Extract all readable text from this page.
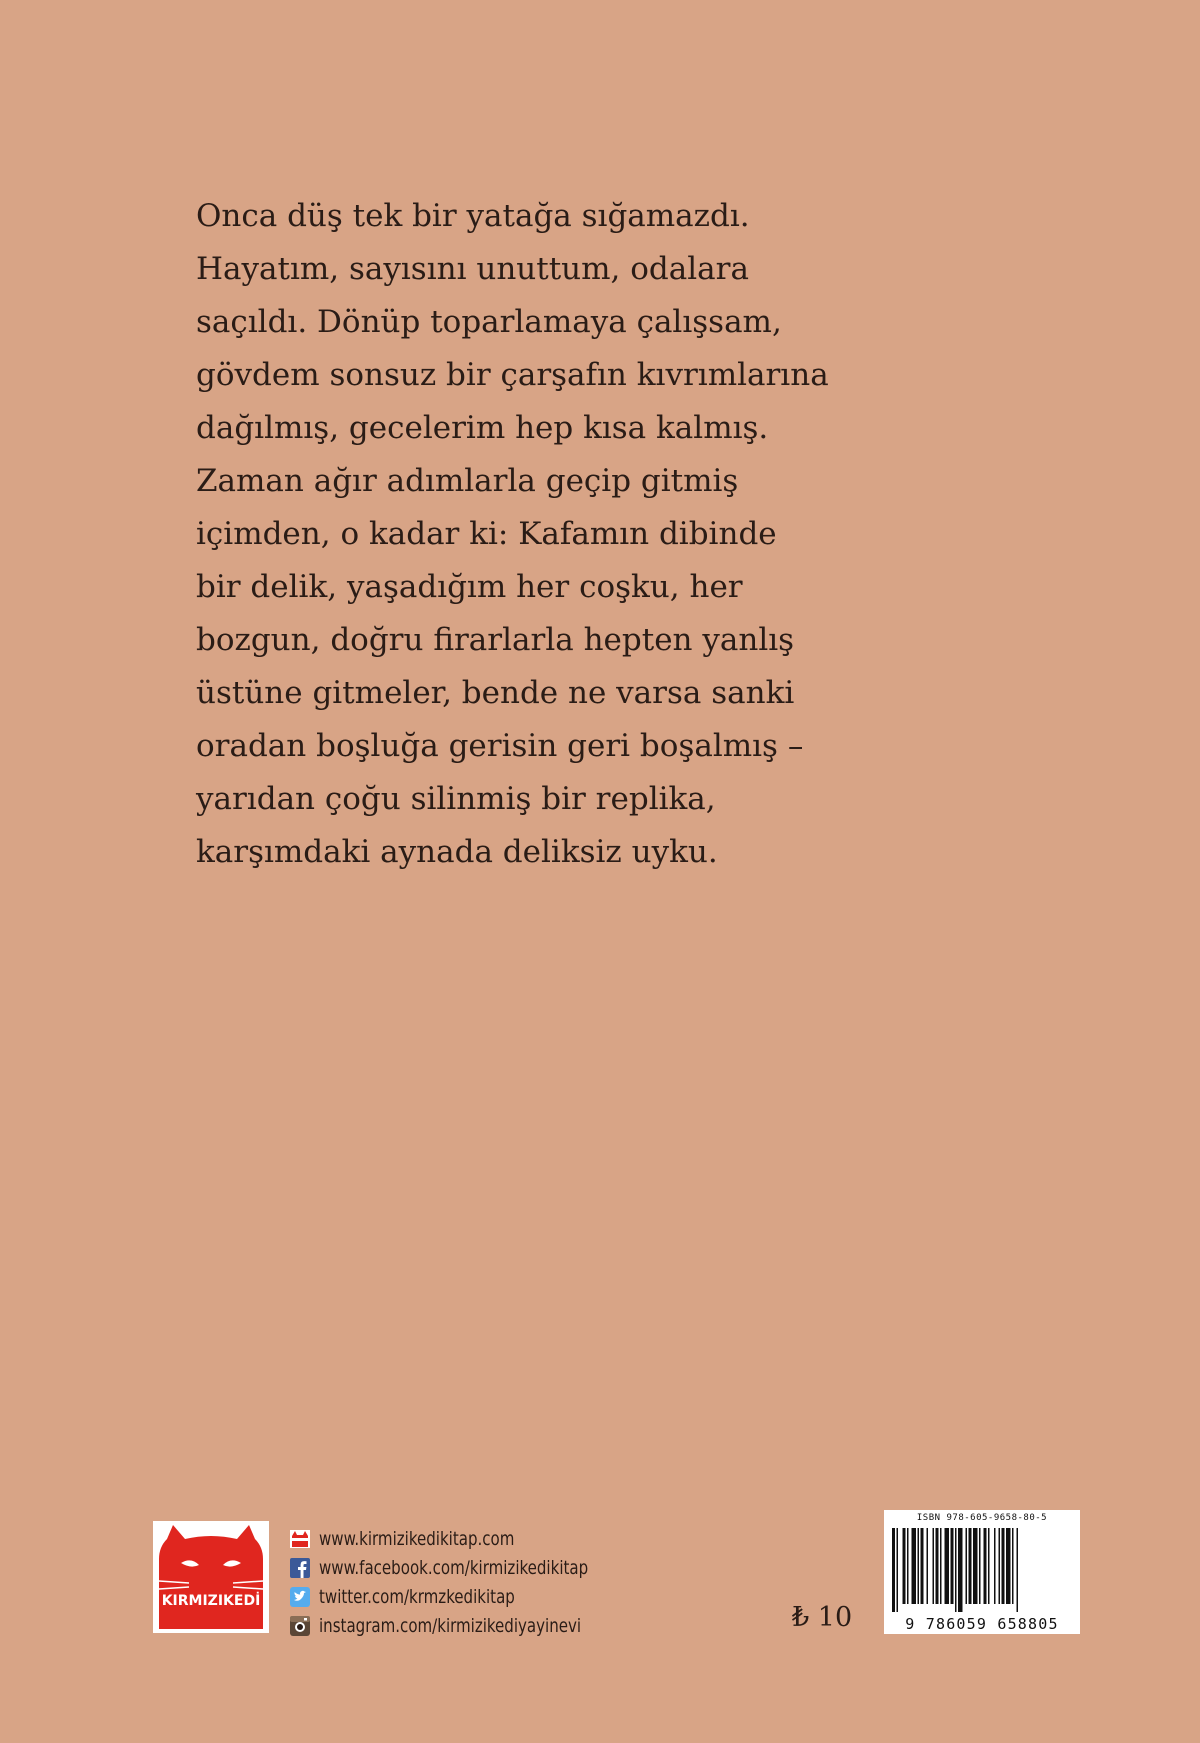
Onca düş tek bir yatağa sığamazdı.
Hayatım, sayısını unuttum, odalara
saçıldı. Dönüp toparlamaya çalışsam,
gövdem sonsuz bir çarşafın kıvrımlarına
dağılmış, gecelerim hep kısa kalmış.
Zaman ağır adımlarla geçip gitmiş
içimden, o kadar ki: Kafamın dibinde
bir delik, yaşadığım her coşku, her
bozgun, doğru firarlarla hepten yanlış
üstüne gitmeler, bende ne varsa sanki
oradan boşluğa gerisin geri boşalmış –
yarıdan çoğu silinmiş bir replika,
karşımdaki aynada deliksiz uyku.
KIRMIZIKEDİ
www.kirmizikedikitap.com
www.facebook.com/kirmizikedikitap
twitter.com/krmzkedikitap
instagram.com/kirmizikediyayinevi	₺ 10
ISBN 978-605-9658-80-5
9 786059 658805
